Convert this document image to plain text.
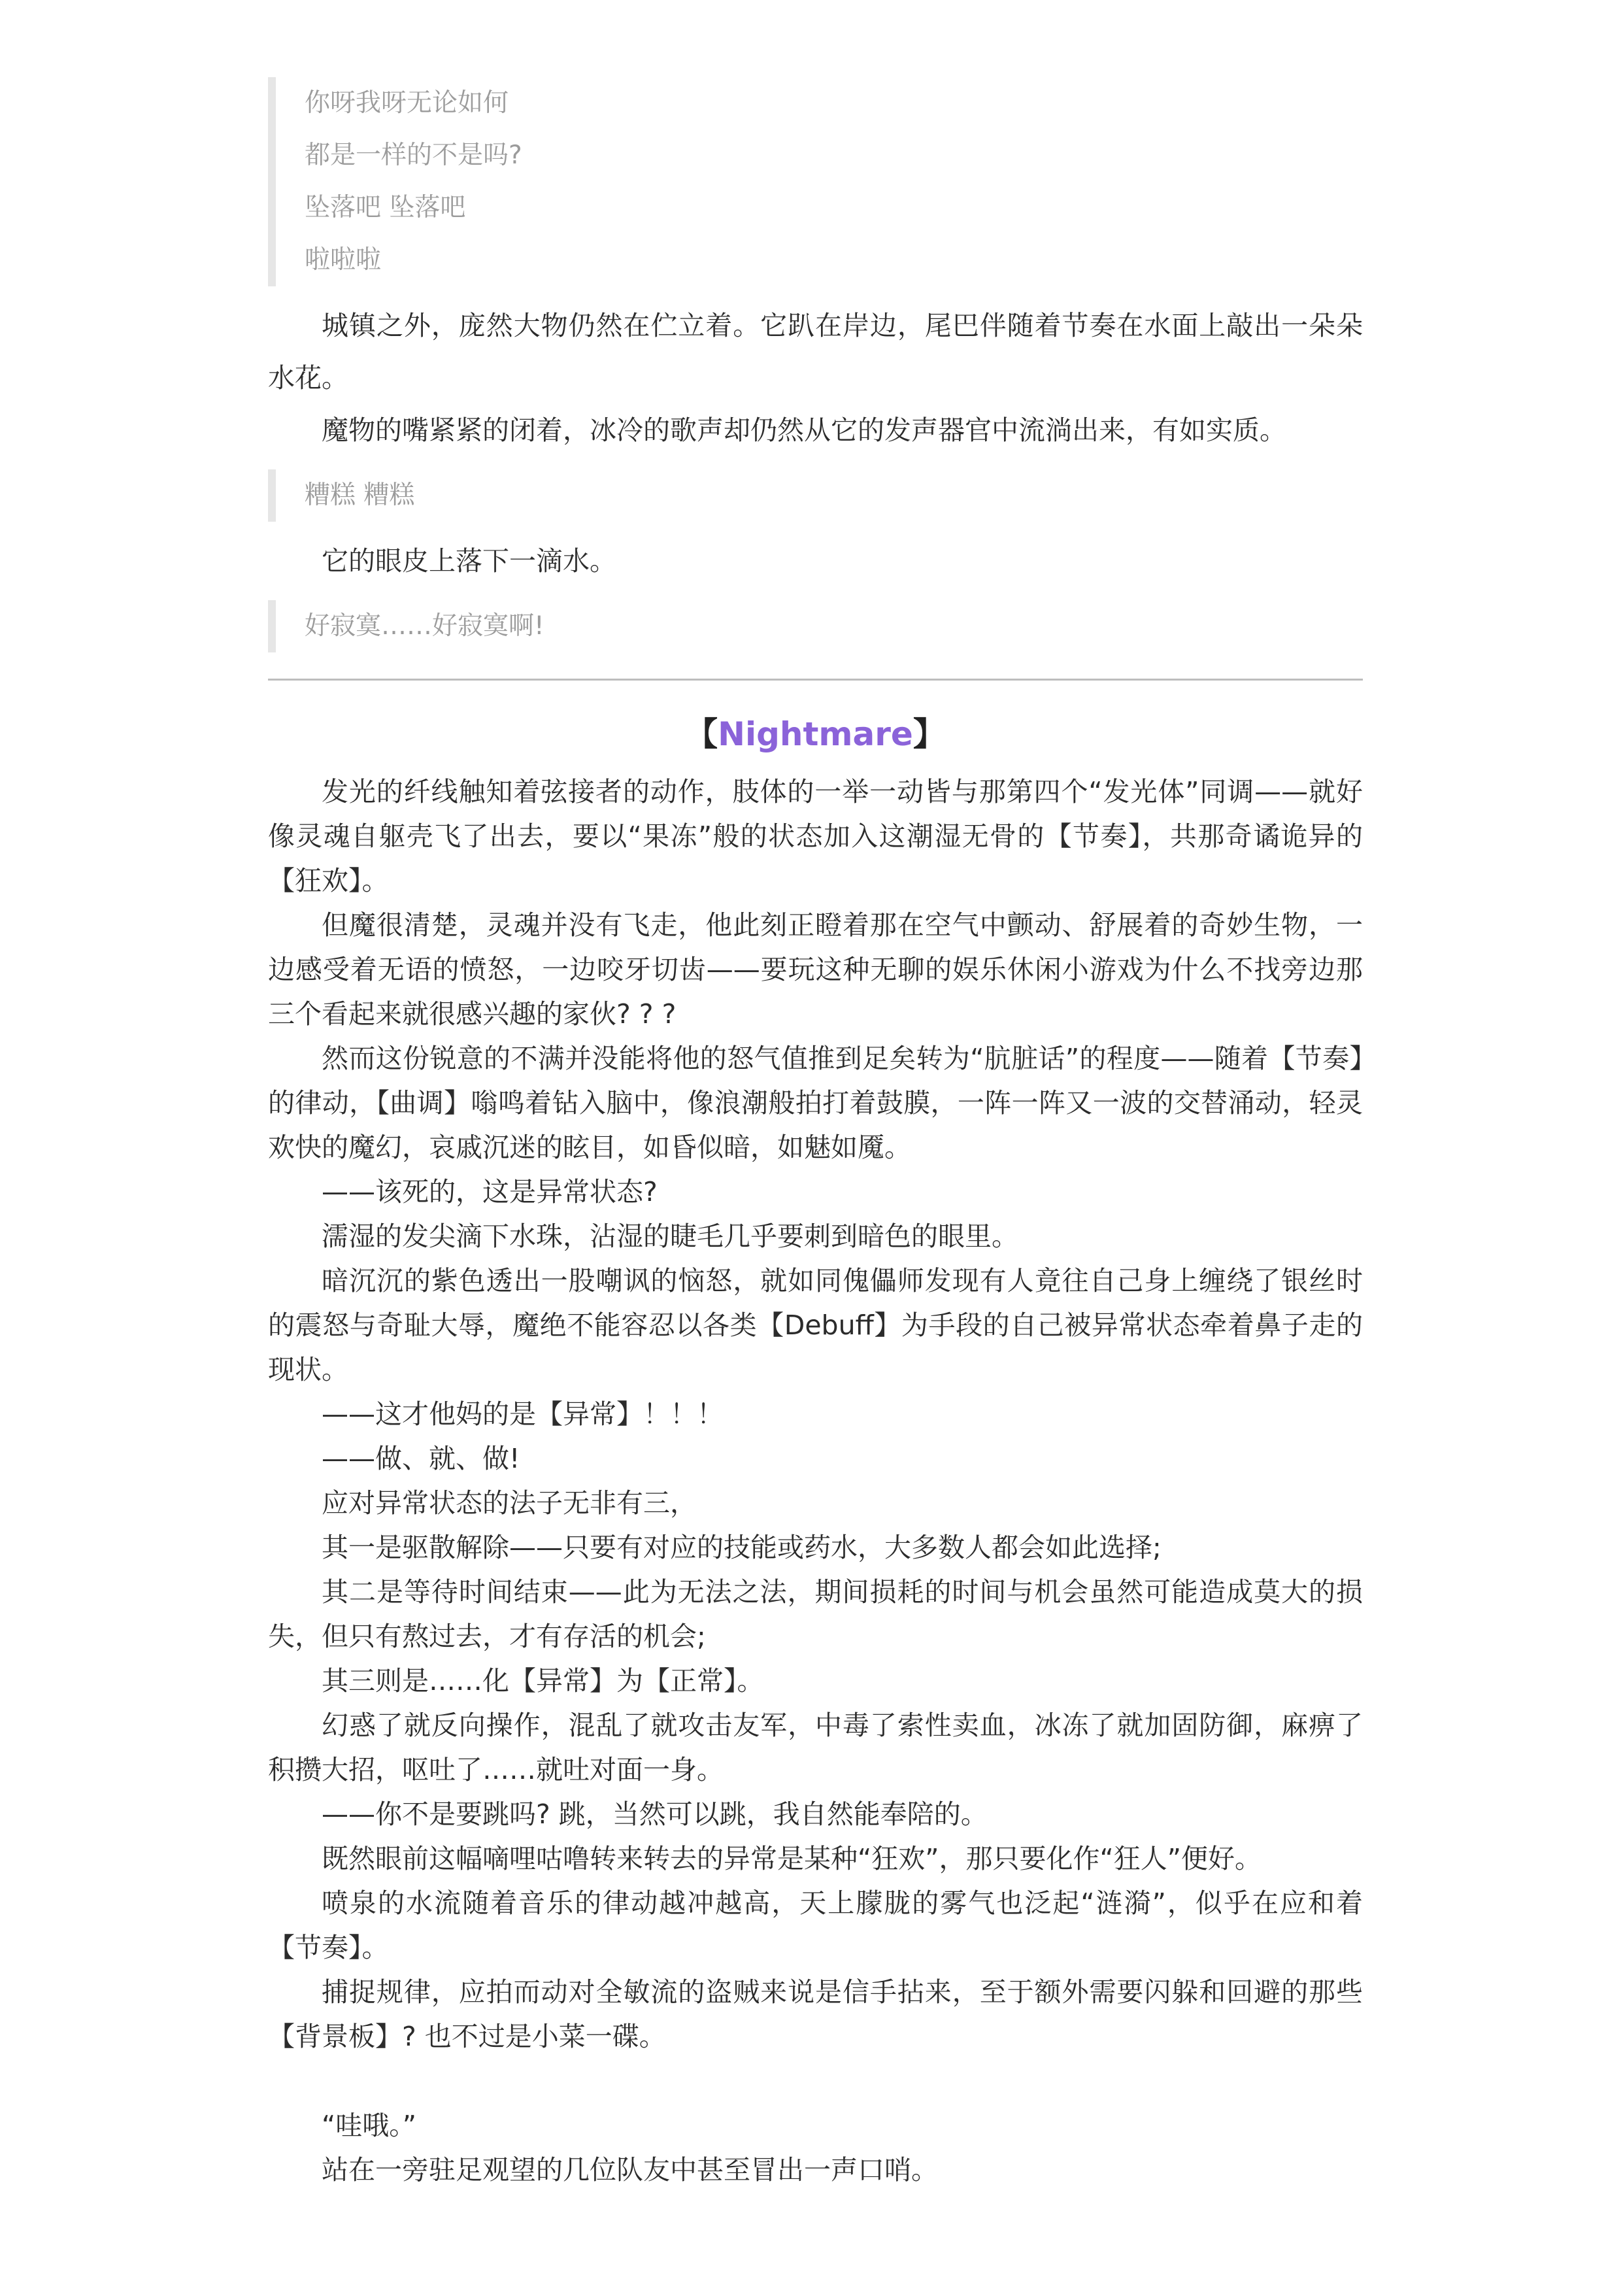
你呀我呀无论如何
都是一样的不是吗?
坠落吧 坠落吧
啦啦啦

城镇之外，庞然大物仍然在伫立着。它趴在岸边，尾巴伴随着节奏在水面上敲出一朵朵水花。

魔物的嘴紧紧的闭着，冰冷的歌声却仍然从它的发声器官中流淌出来，有如实质。

糟糕 糟糕

它的眼皮上落下一滴水。

好寂寞……好寂寞啊!
【Nightmare】

发光的纤线触知着弦接者的动作，肢体的一举一动皆与那第四个“发光体”同调——就好像灵魂自躯壳飞了出去，要以“果冻”般的状态加入这潮湿无骨的【节奏】，共那奇谲诡异的【狂欢】。

但魔很清楚，灵魂并没有飞走，他此刻正瞪着那在空气中颤动、舒展着的奇妙生物，一边感受着无语的愤怒，一边咬牙切齿——要玩这种无聊的娱乐休闲小游戏为什么不找旁边那三个看起来就很感兴趣的家伙? ? ?

然而这份锐意的不满并没能将他的怒气值推到足矣转为“肮脏话”的程度——随着【节奏】的律动，【曲调】嗡鸣着钻入脑中，像浪潮般拍打着鼓膜，一阵一阵又一波的交替涌动，轻灵欢快的魔幻，哀戚沉迷的眩目，如昏似暗，如魅如魇。

——该死的，这是异常状态?

濡湿的发尖滴下水珠，沾湿的睫毛几乎要刺到暗色的眼里。

暗沉沉的紫色透出一股嘲讽的恼怒，就如同傀儡师发现有人竟往自己身上缠绕了银丝时的震怒与奇耻大辱，魔绝不能容忍以各类【Debuff】为手段的自己被异常状态牵着鼻子走的现状。

——这才他妈的是【异常】！！！

——做、就、做!

应对异常状态的法子无非有三，

其一是驱散解除——只要有对应的技能或药水，大多数人都会如此选择;

其二是等待时间结束——此为无法之法，期间损耗的时间与机会虽然可能造成莫大的损失，但只有熬过去，才有存活的机会;

其三则是……化【异常】为【正常】。

幻惑了就反向操作，混乱了就攻击友军，中毒了索性卖血，冰冻了就加固防御，麻痹了积攒大招，呕吐了……就吐对面一身。

——你不是要跳吗? 跳，当然可以跳，我自然能奉陪的。

既然眼前这幅嘀哩咕噜转来转去的异常是某种“狂欢”，那只要化作“狂人”便好。

喷泉的水流随着音乐的律动越冲越高，天上朦胧的雾气也泛起“涟漪”，似乎在应和着【节奏】。

捕捉规律，应拍而动对全敏流的盗贼来说是信手拈来，至于额外需要闪躲和回避的那些【背景板】? 也不过是小菜一碟。

“哇哦。”

站在一旁驻足观望的几位队友中甚至冒出一声口哨。
